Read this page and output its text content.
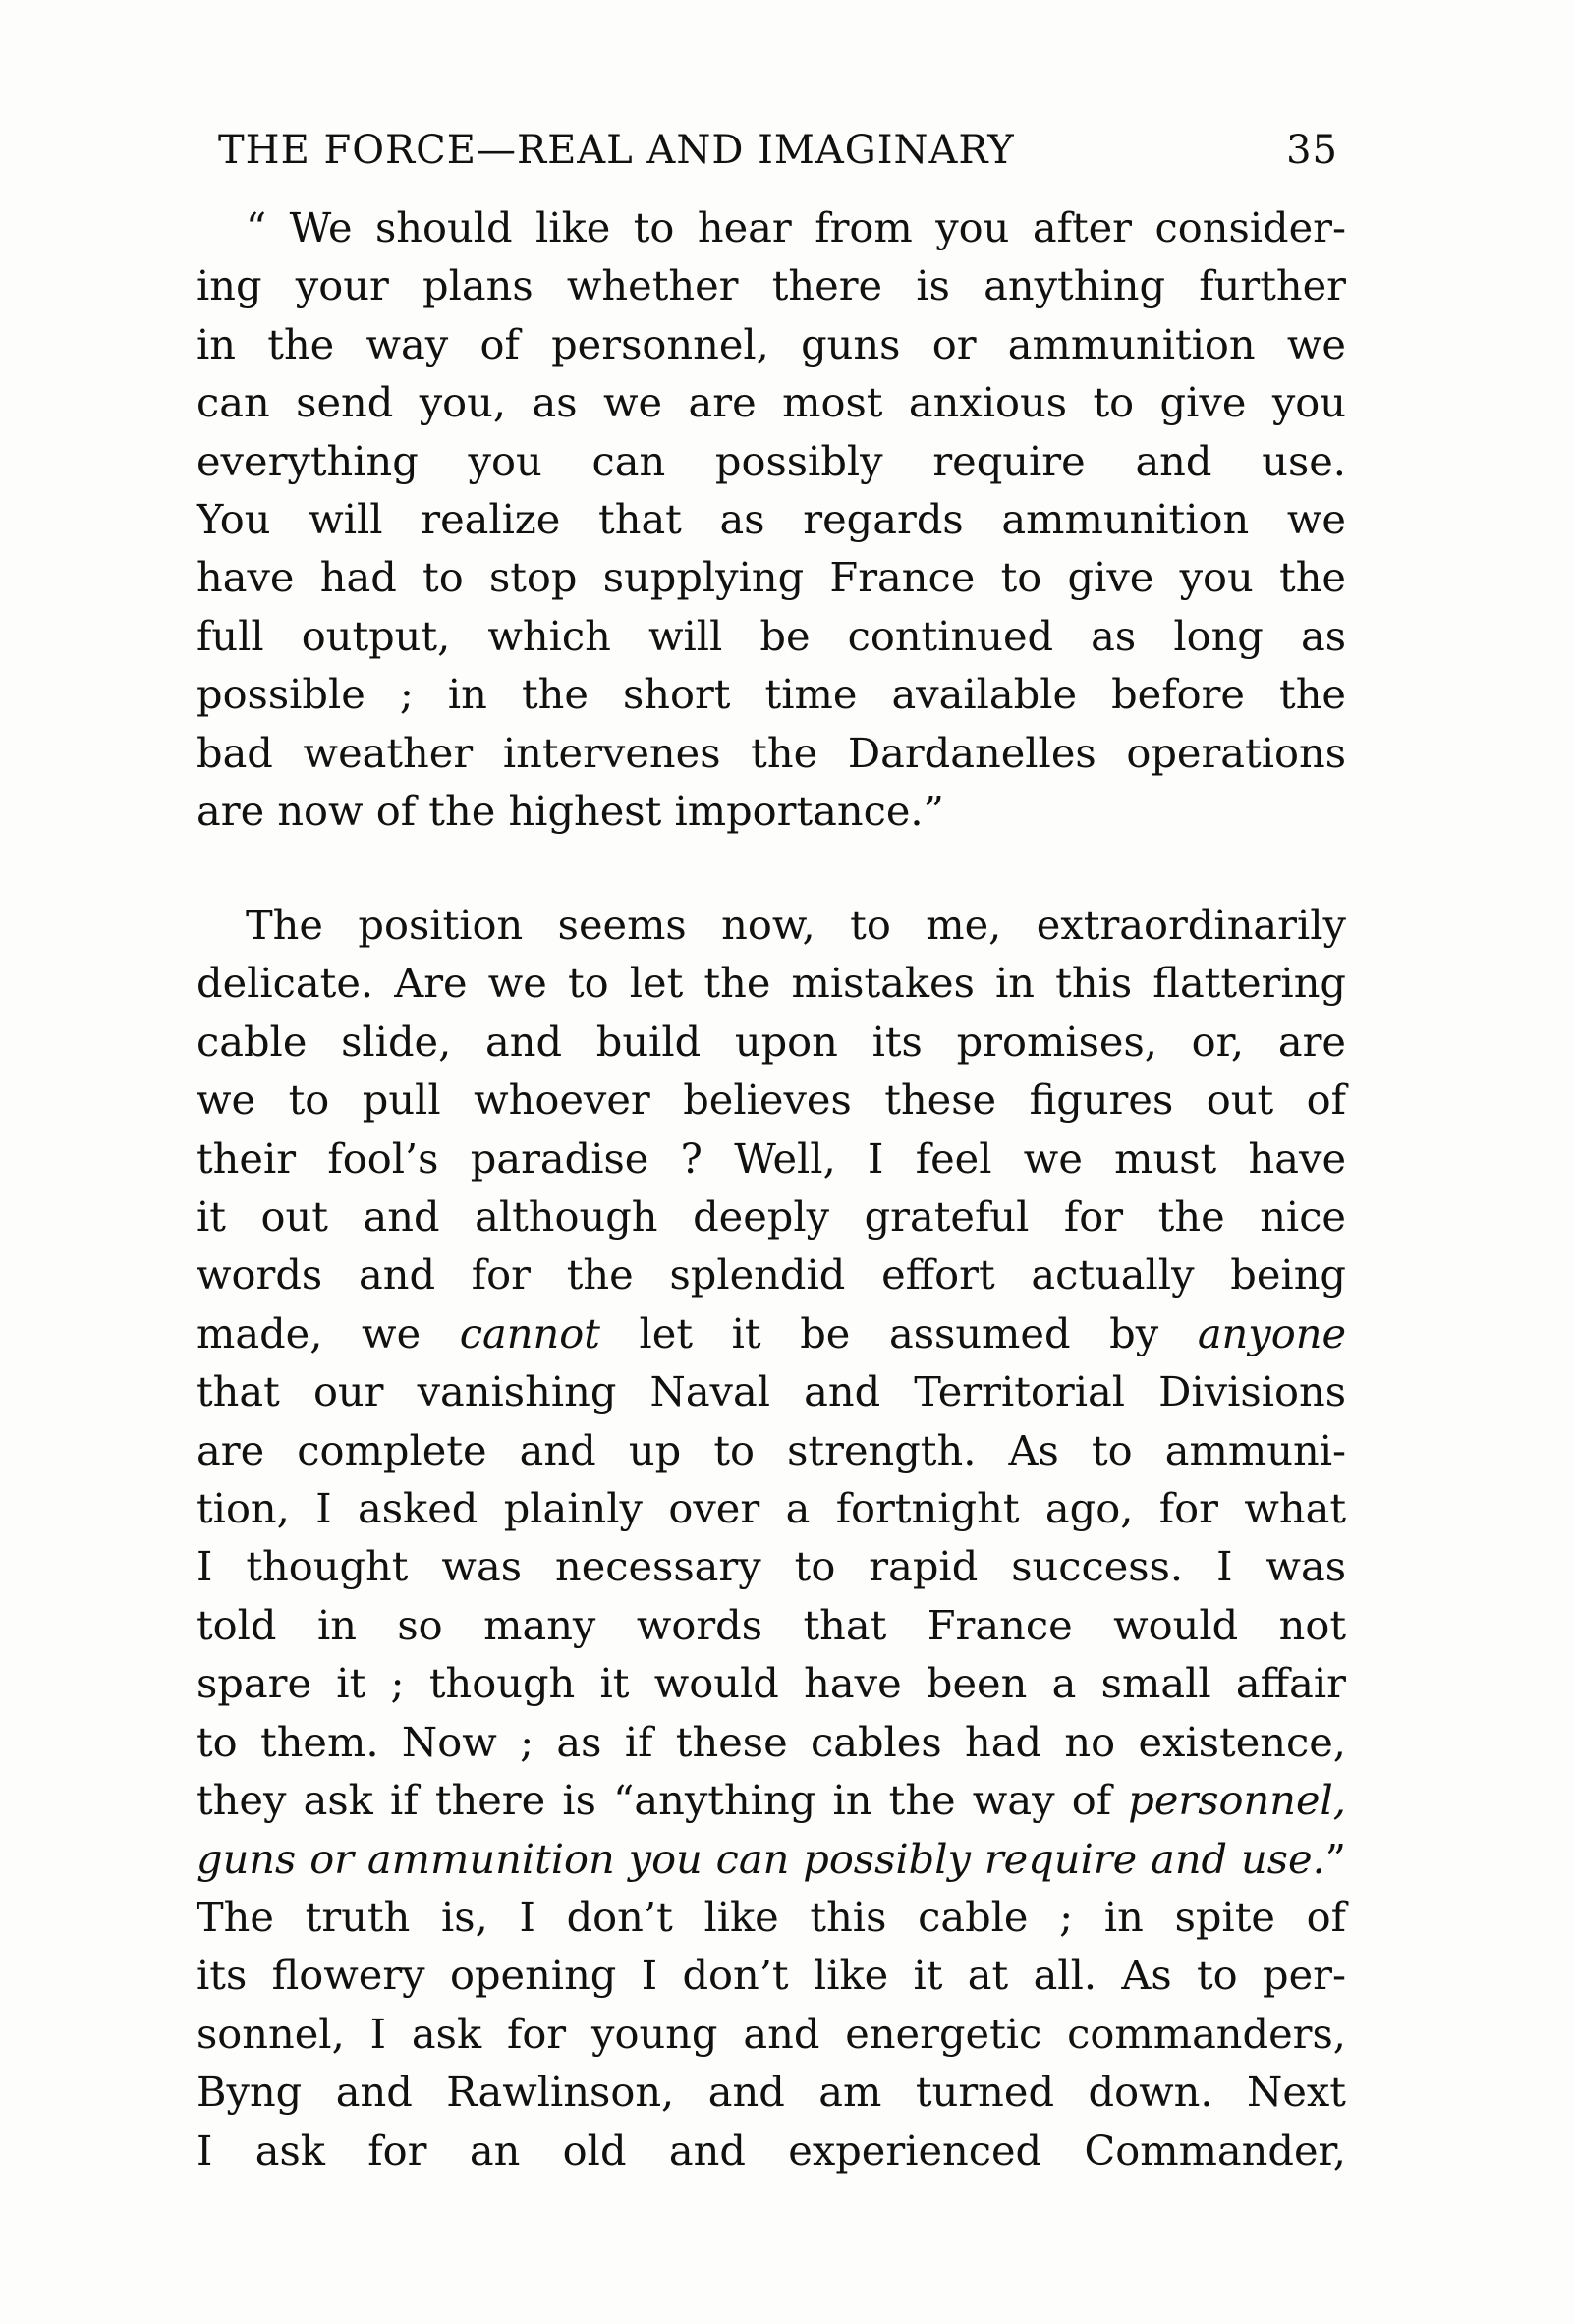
THE FORCE—REAL AND IMAGINARY	35
“ We should like to hear from you after consider-
ing your plans whether there is anything further
in the way of personnel, guns or ammunition we
can send you, as we are most anxious to give you
everything you can possibly require and use.
You will realize that as regards ammunition we
have had to stop supplying France to give you the
full output, which will be continued as long as
possible ; in the short time available before the
bad weather intervenes the Dardanelles operations
are now of the highest importance.”
The position seems now, to me, extraordinarily
delicate. Are we to let the mistakes in this flattering
cable slide, and build upon its promises, or, are
we to pull whoever believes these figures out of
their fool’s paradise ? Well, I feel we must have
it out and although deeply grateful for the nice
words and for the splendid effort actually being
made, we cannot let it be assumed by anyone
that our vanishing Naval and Territorial Divisions
are complete and up to strength. As to ammuni-
tion, I asked plainly over a fortnight ago, for what
I thought was necessary to rapid success. I was
told in so many words that France would not
spare it ; though it would have been a small affair
to them. Now ; as if these cables had no existence,
they ask if there is “anything in the way of personnel,
guns or ammunition you can possibly require and use.”
The truth is, I don’t like this cable ; in spite of
its flowery opening I don’t like it at all. As to per-
sonnel, I ask for young and energetic commanders,
Byng and Rawlinson, and am turned down. Next
I ask for an old and experienced Commander,
